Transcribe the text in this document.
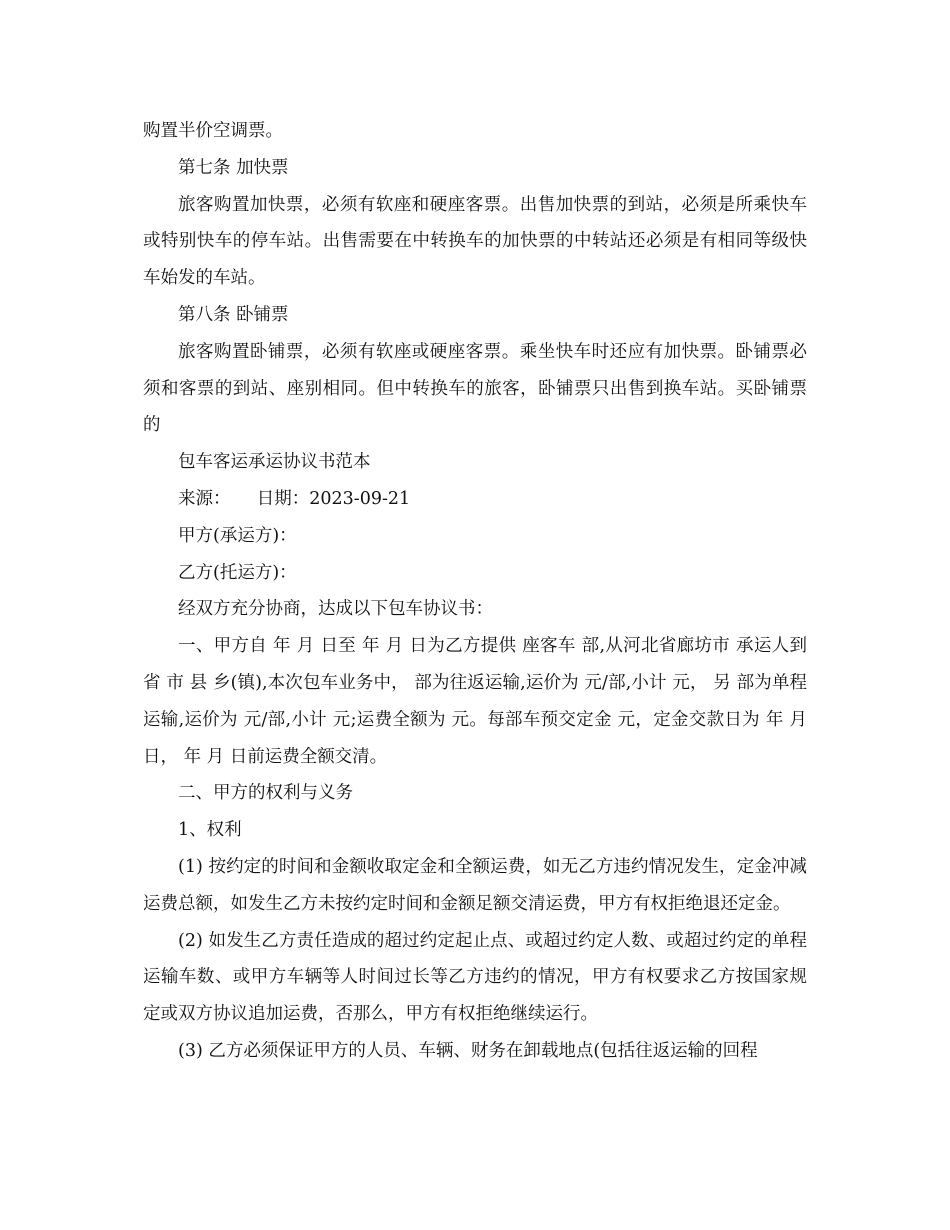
购置半价空调票。

第七条 加快票

旅客购置加快票，必须有软座和硬座客票。出售加快票的到站，必须是所乘快车或特别快车的停车站。出售需要在中转换车的加快票的中转站还必须是有相同等级快车始发的车站。

第八条 卧铺票

旅客购置卧铺票，必须有软座或硬座客票。乘坐快车时还应有加快票。卧铺票必须和客票的到站、座别相同。但中转换车的旅客，卧铺票只出售到换车站。买卧铺票的

包车客运承运协议书范本

来源：　　日期：2023-09-21

甲方(承运方)：

乙方(托运方)：

经双方充分协商，达成以下包车协议书：

一、甲方自 年 月 日至 年 月 日为乙方提供 座客车 部,从河北省廊坊市 承运人到 省 市 县 乡(镇),本次包车业务中， 部为往返运输,运价为 元/部,小计 元， 另 部为单程运输,运价为 元/部,小计 元;运费全额为 元。每部车预交定金 元，定金交款日为 年 月 日， 年 月 日前运费全额交清。

二、甲方的权利与义务

1、权利

(1) 按约定的时间和金额收取定金和全额运费，如无乙方违约情况发生，定金冲减运费总额，如发生乙方未按约定时间和金额足额交清运费，甲方有权拒绝退还定金。

(2) 如发生乙方责任造成的超过约定起止点、或超过约定人数、或超过约定的单程运输车数、或甲方车辆等人时间过长等乙方违约的情况，甲方有权要求乙方按国家规定或双方协议追加运费，否那么，甲方有权拒绝继续运行。

(3) 乙方必须保证甲方的人员、车辆、财务在卸载地点(包括往返运输的回程
